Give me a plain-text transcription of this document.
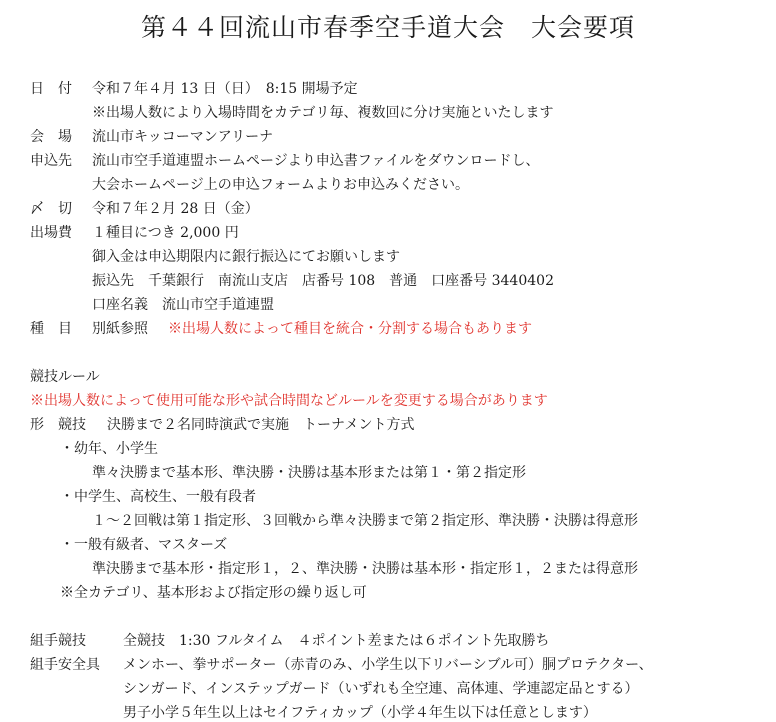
第４４回流山市春季空手道大会　大会要項
日　付 令和７年４月 13 日（日）　8:15 開場予定
※出場人数により入場時間をカテゴリ毎、複数回に分け実施といたします
会　場 流山市キッコーマンアリーナ
申込先 流山市空手道連盟ホームページより申込書ファイルをダウンロードし、
大会ホームページ上の申込フォームよりお申込みください。
〆　切 令和７年２月 28 日（金）
出場費 １種目につき 2,000 円
御入金は申込期限内に銀行振込にてお願いします
振込先　千葉銀行　南流山支店　店番号 108　普通　口座番号 3440402
口座名義　流山市空手道連盟
種　目 別紙参照 ※出場人数によって種目を統合・分割する場合もあります
競技ルール
※出場人数によって使用可能な形や試合時間などルールを変更する場合があります
形　競技 決勝まで２名同時演武で実施　トーナメント方式
・幼年、小学生
準々決勝まで基本形、準決勝・決勝は基本形または第１・第２指定形
・中学生、高校生、一般有段者
１～２回戦は第１指定形、３回戦から準々決勝まで第２指定形、準決勝・決勝は得意形
・一般有級者、マスターズ
準決勝まで基本形・指定形１，２、準決勝・決勝は基本形・指定形１，２または得意形
※全カテゴリ、基本形および指定形の繰り返し可
組手競技	全競技　1:30 フルタイム　４ポイント差または６ポイント先取勝ち
組手安全具 メンホー、拳サポーター（赤青のみ、小学生以下リバーシブル可）胴プロテクター、
シンガード、インステップガード（いずれも全空連、高体連、学連認定品とする）
男子小学５年生以上はセイフティカップ（小学４年生以下は任意とします）
